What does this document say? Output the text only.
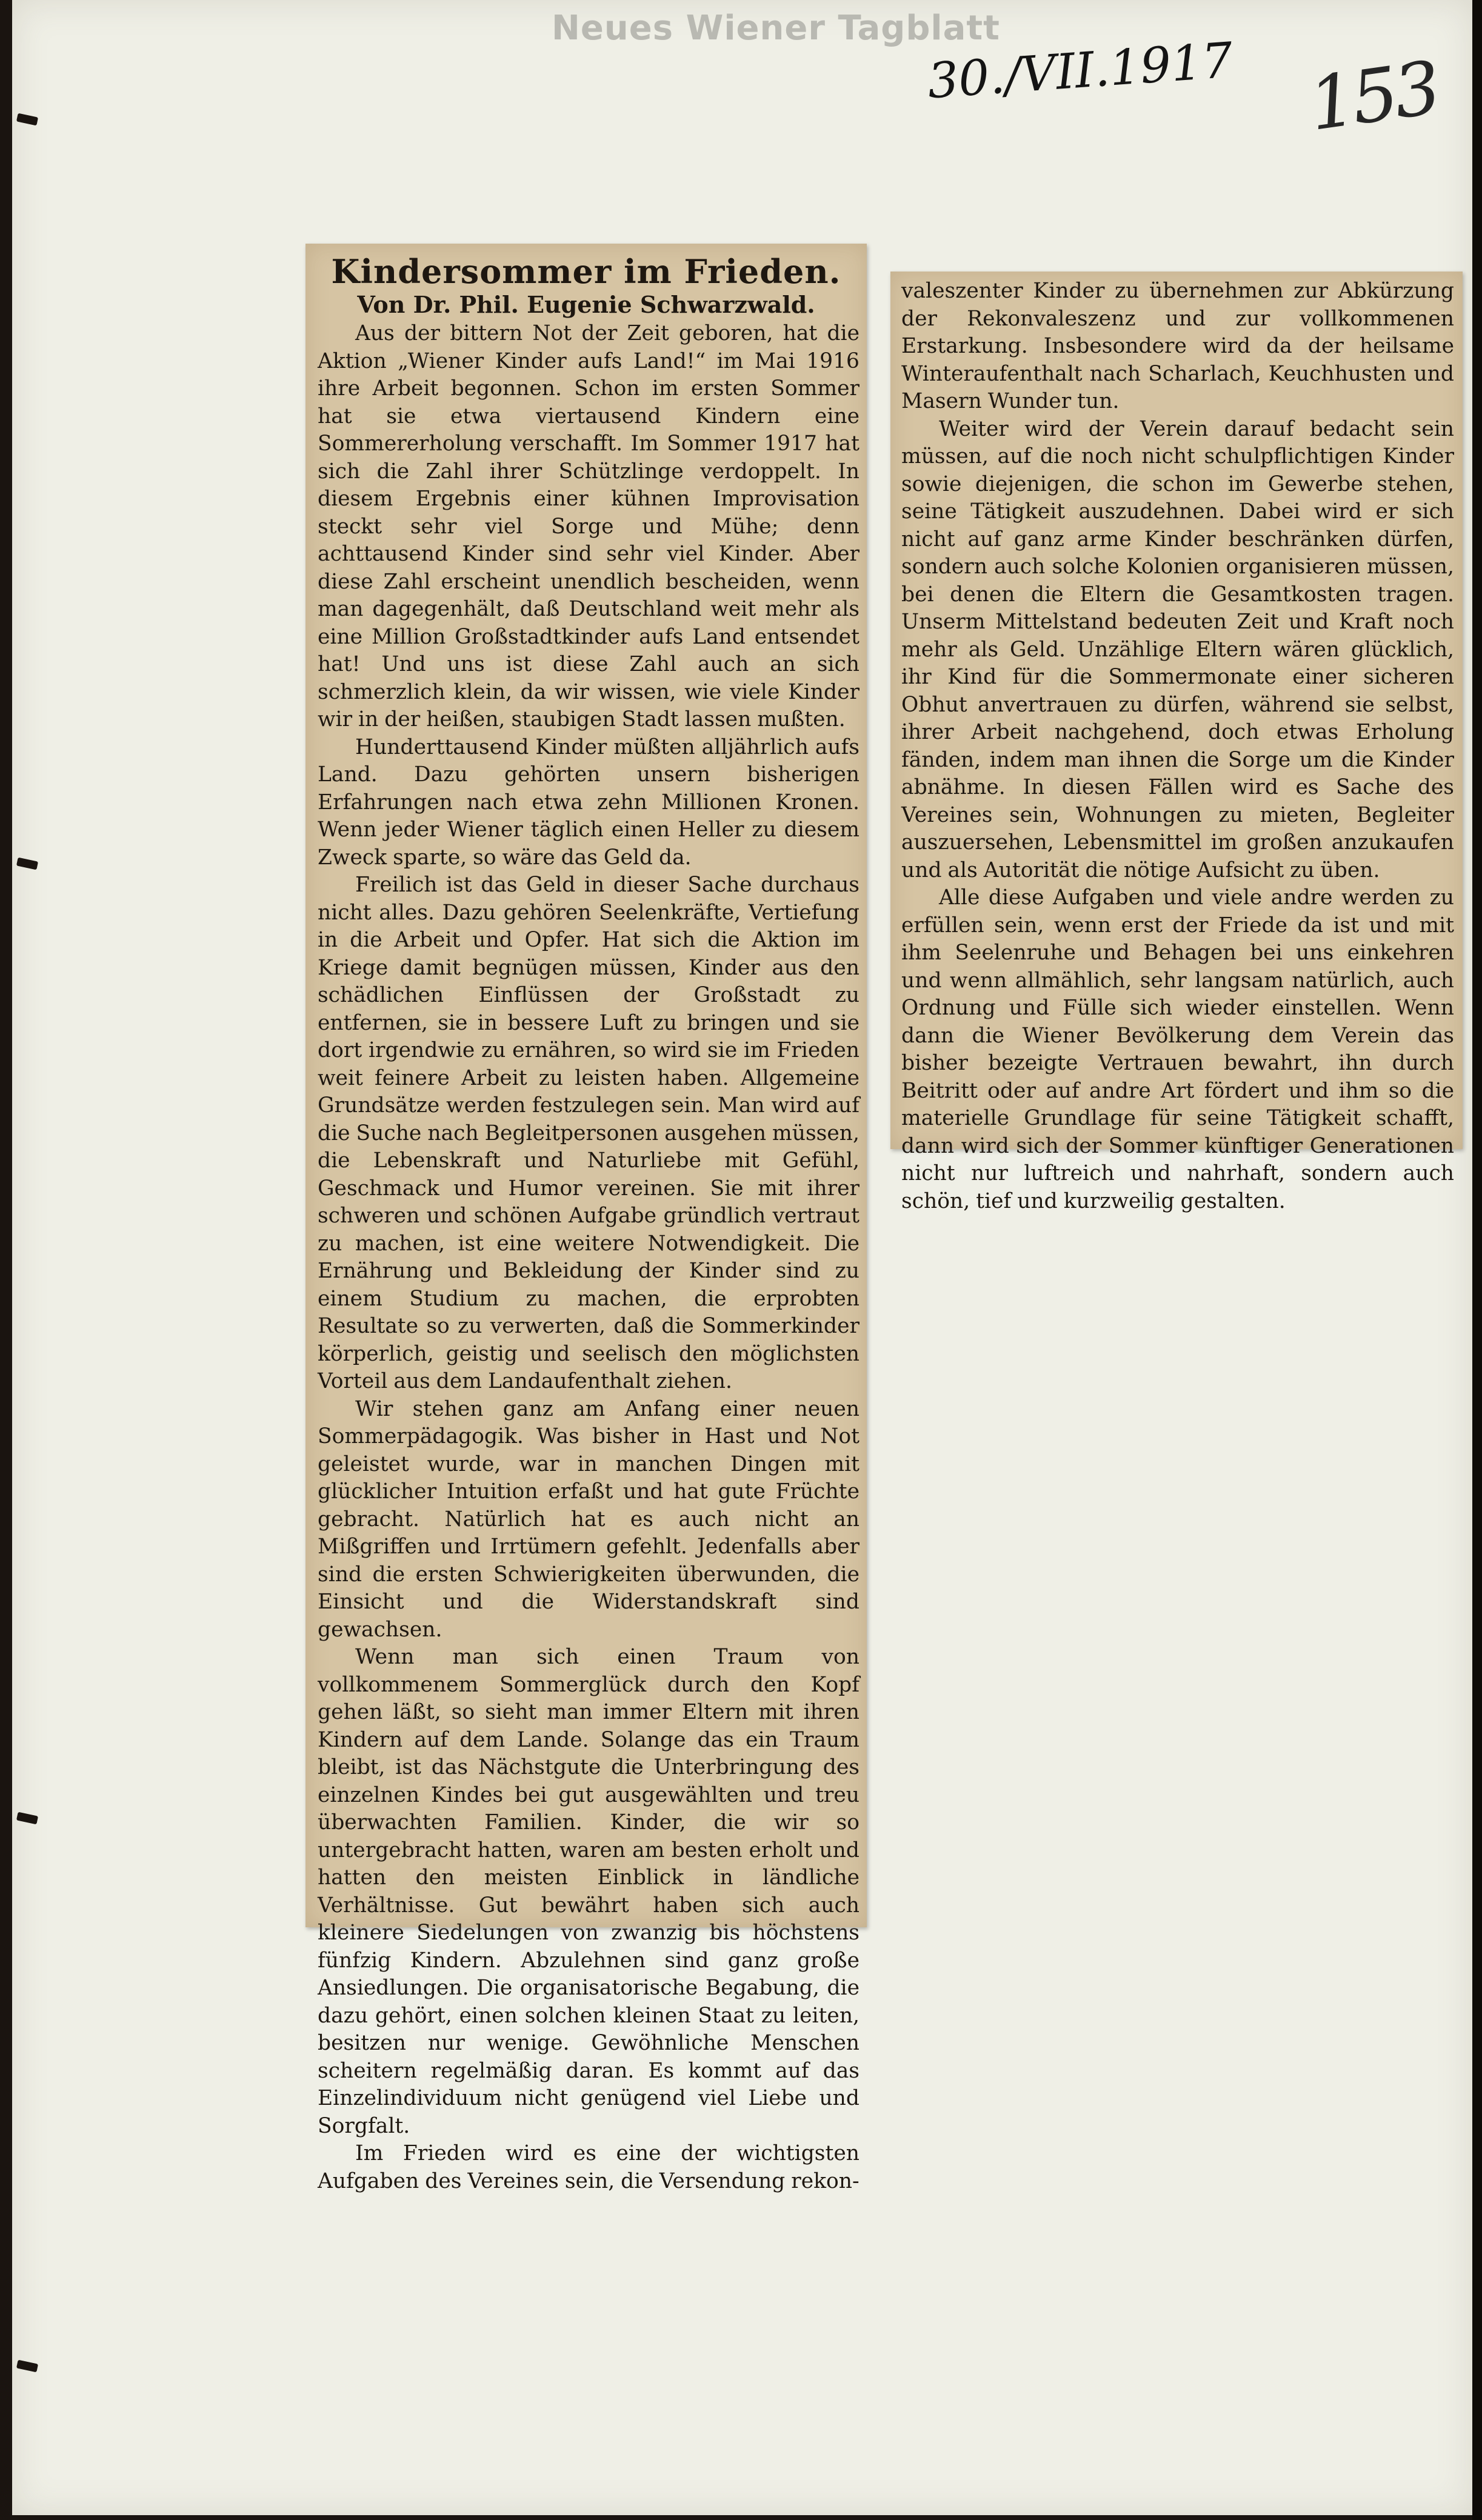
Neues Wiener Tagblatt
30./VII.1917 153
Kindersommer im Frieden.
Von Dr. Phil. Eugenie Schwarzwald.

Aus der bittern Not der Zeit geboren, hat die Aktion „Wiener Kinder aufs Land!“ im Mai 1916 ihre Arbeit begonnen. Schon im ersten Sommer hat sie etwa viertausend Kindern eine Sommererholung verschafft. Im Sommer 1917 hat sich die Zahl ihrer Schützlinge verdoppelt. In diesem Ergebnis einer kühnen Improvisation steckt sehr viel Sorge und Mühe; denn achttausend Kinder sind sehr viel Kinder. Aber diese Zahl erscheint unendlich bescheiden, wenn man dagegenhält, daß Deutschland weit mehr als eine Million Großstadtkinder aufs Land entsendet hat! Und uns ist diese Zahl auch an sich schmerzlich klein, da wir wissen, wie viele Kinder wir in der heißen, staubigen Stadt lassen mußten.

Hunderttausend Kinder müßten alljährlich aufs Land. Dazu gehörten unsern bisherigen Erfahrungen nach etwa zehn Millionen Kronen. Wenn jeder Wiener täglich einen Heller zu diesem Zweck sparte, so wäre das Geld da.

Freilich ist das Geld in dieser Sache durchaus nicht alles. Dazu gehören Seelenkräfte, Vertiefung in die Arbeit und Opfer. Hat sich die Aktion im Kriege damit begnügen müssen, Kinder aus den schädlichen Einflüssen der Großstadt zu entfernen, sie in bessere Luft zu bringen und sie dort irgendwie zu ernähren, so wird sie im Frieden weit feinere Arbeit zu leisten haben. Allgemeine Grundsätze werden festzulegen sein. Man wird auf die Suche nach Begleitpersonen ausgehen müssen, die Lebenskraft und Naturliebe mit Gefühl, Geschmack und Humor vereinen. Sie mit ihrer schweren und schönen Aufgabe gründlich vertraut zu machen, ist eine weitere Notwendigkeit. Die Ernährung und Bekleidung der Kinder sind zu einem Studium zu machen, die erprobten Resultate so zu verwerten, daß die Sommerkinder körperlich, geistig und seelisch den möglichsten Vorteil aus dem Landaufenthalt ziehen.

Wir stehen ganz am Anfang einer neuen Sommerpädagogik. Was bisher in Hast und Not geleistet wurde, war in manchen Dingen mit glücklicher Intuition erfaßt und hat gute Früchte gebracht. Natürlich hat es auch nicht an Mißgriffen und Irrtümern gefehlt. Jedenfalls aber sind die ersten Schwierigkeiten überwunden, die Einsicht und die Widerstandskraft sind gewachsen.

Wenn man sich einen Traum von vollkommenem Sommerglück durch den Kopf gehen läßt, so sieht man immer Eltern mit ihren Kindern auf dem Lande. Solange das ein Traum bleibt, ist das Nächstgute die Unterbringung des einzelnen Kindes bei gut ausgewählten und treu überwachten Familien. Kinder, die wir so untergebracht hatten, waren am besten erholt und hatten den meisten Einblick in ländliche Verhältnisse. Gut bewährt haben sich auch kleinere Siedelungen von zwanzig bis höchstens fünfzig Kindern. Abzulehnen sind ganz große Ansiedlungen. Die organisatorische Begabung, die dazu gehört, einen solchen kleinen Staat zu leiten, besitzen nur wenige. Gewöhnliche Menschen scheitern regelmäßig daran. Es kommt auf das Einzelindividuum nicht genügend viel Liebe und Sorgfalt.

Im Frieden wird es eine der wichtigsten Aufgaben des Vereines sein, die Versendung rekon-

valeszenter Kinder zu übernehmen zur Abkürzung der Rekonvaleszenz und zur vollkommenen Erstarkung. Insbesondere wird da der heilsame Winteraufenthalt nach Scharlach, Keuchhusten und Masern Wunder tun.

Weiter wird der Verein darauf bedacht sein müssen, auf die noch nicht schulpflichtigen Kinder sowie diejenigen, die schon im Gewerbe stehen, seine Tätigkeit auszudehnen. Dabei wird er sich nicht auf ganz arme Kinder beschränken dürfen, sondern auch solche Kolonien organisieren müssen, bei denen die Eltern die Gesamtkosten tragen. Unserm Mittelstand bedeuten Zeit und Kraft noch mehr als Geld. Unzählige Eltern wären glücklich, ihr Kind für die Sommermonate einer sicheren Obhut anvertrauen zu dürfen, während sie selbst, ihrer Arbeit nachgehend, doch etwas Erholung fänden, indem man ihnen die Sorge um die Kinder abnähme. In diesen Fällen wird es Sache des Vereines sein, Wohnungen zu mieten, Begleiter auszuersehen, Lebensmittel im großen anzukaufen und als Autorität die nötige Aufsicht zu üben.

Alle diese Aufgaben und viele andre werden zu erfüllen sein, wenn erst der Friede da ist und mit ihm Seelenruhe und Behagen bei uns einkehren und wenn allmählich, sehr langsam natürlich, auch Ordnung und Fülle sich wieder einstellen. Wenn dann die Wiener Bevölkerung dem Verein das bisher bezeigte Vertrauen bewahrt, ihn durch Beitritt oder auf andre Art fördert und ihm so die materielle Grundlage für seine Tätigkeit schafft, dann wird sich der Sommer künftiger Generationen nicht nur luftreich und nahrhaft, sondern auch schön, tief und kurzweilig gestalten.
